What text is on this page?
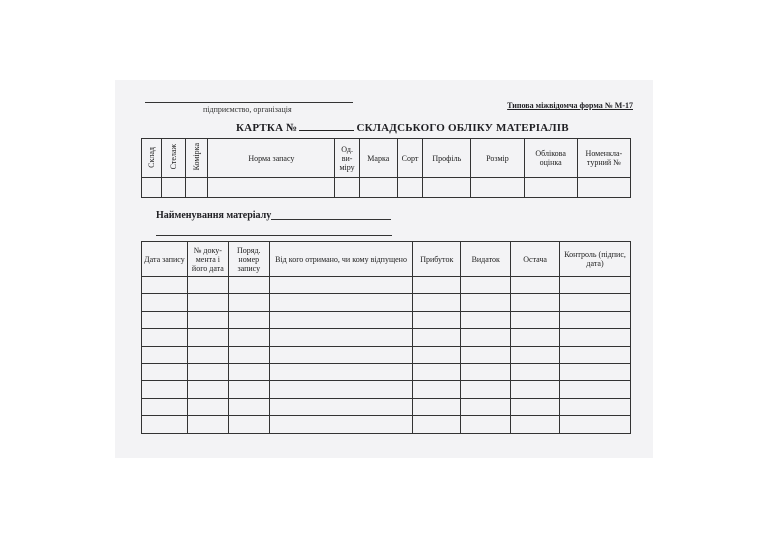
підприємство, організація	Типова міжвідомча форма № М-17
КАРТКА №	СКЛАДСЬКОГО ОБЛІКУ МАТЕРІАЛІВ
Склад	Стелаж	Комірка	Норма запасу	Од. ви-міру	Марка	Сорт	Профіль	Розмір	Облікова оцінка	Номенкла-турний №

Найменування матеріалу
Дата запису	№ доку-мента і його дата	Поряд. номер запису	Від кого отримано, чи кому відпущено	Прибуток	Видаток	Остача	Контроль (підпис, дата)
